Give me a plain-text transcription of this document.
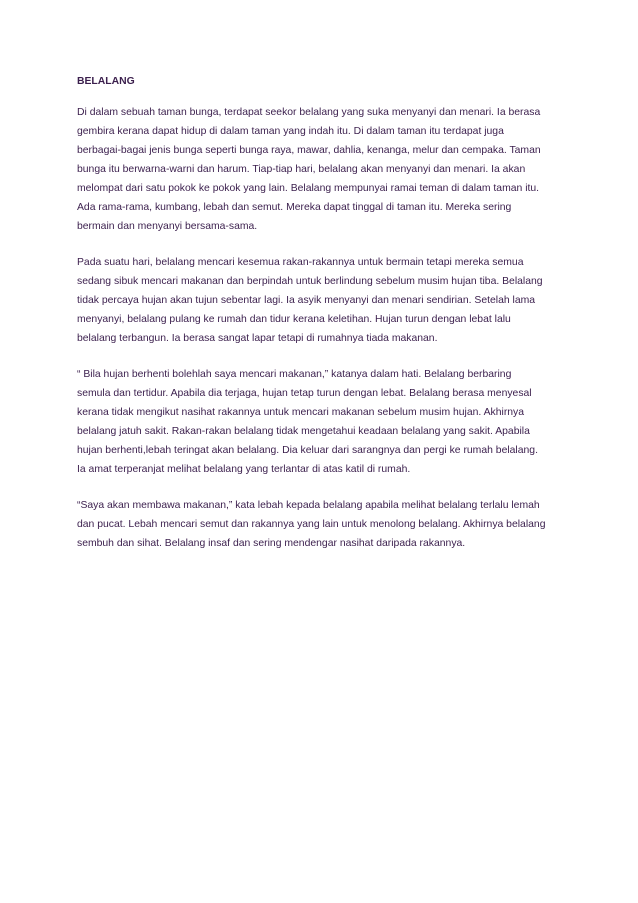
BELALANG
Di dalam sebuah taman bunga, terdapat seekor belalang yang suka menyanyi dan menari. Ia berasa
gembira kerana dapat hidup di dalam taman yang indah itu. Di dalam taman itu terdapat juga
berbagai-bagai jenis bunga seperti bunga raya, mawar, dahlia, kenanga, melur dan cempaka. Taman
bunga itu berwarna-warni dan harum. Tiap-tiap hari, belalang akan menyanyi dan menari. Ia akan
melompat dari satu pokok ke pokok yang lain. Belalang mempunyai ramai teman di dalam taman itu.
Ada rama-rama, kumbang, lebah dan semut. Mereka dapat tinggal di taman itu. Mereka sering
bermain dan menyanyi bersama-sama.
Pada suatu hari, belalang mencari kesemua rakan-rakannya untuk bermain tetapi mereka semua
sedang sibuk mencari makanan dan berpindah untuk berlindung sebelum musim hujan tiba. Belalang
tidak percaya hujan akan tujun sebentar lagi. Ia asyik menyanyi dan menari sendirian. Setelah lama
menyanyi, belalang pulang ke rumah dan tidur kerana keletihan. Hujan turun dengan lebat lalu
belalang terbangun. Ia berasa sangat lapar tetapi di rumahnya tiada makanan.
“ Bila hujan berhenti bolehlah saya mencari makanan,” katanya dalam hati. Belalang berbaring
semula dan tertidur. Apabila dia terjaga, hujan tetap turun dengan lebat. Belalang berasa menyesal
kerana tidak mengikut nasihat rakannya untuk mencari makanan sebelum musim hujan. Akhirnya
belalang jatuh sakit. Rakan-rakan belalang tidak mengetahui keadaan belalang yang sakit. Apabila
hujan berhenti,lebah teringat akan belalang. Dia keluar dari sarangnya dan pergi ke rumah belalang.
Ia amat terperanjat melihat belalang yang terlantar di atas katil di rumah.
“Saya akan membawa makanan,” kata lebah kepada belalang apabila melihat belalang terlalu lemah
dan pucat. Lebah mencari semut dan rakannya yang lain untuk menolong belalang. Akhirnya belalang
sembuh dan sihat. Belalang insaf dan sering mendengar nasihat daripada rakannya.
